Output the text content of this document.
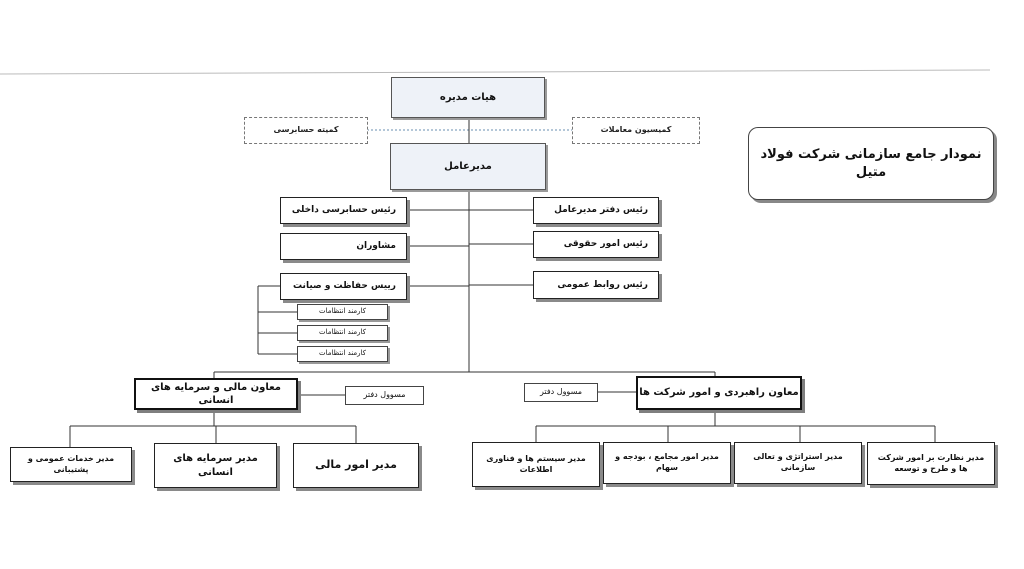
نمودار جامع سازمانی شرکت فولاد متیل
هیات مدیره
کمیته حسابرسی	کمیسیون معاملات
مدیرعامل
رئیس حسابرسی داخلی
مشاوران
رییس حفاظت و صیانت
رئیس دفتر مدیرعامل
رئیس امور حقوقی
رئیس روابط عمومی
کارمند انتظامات
کارمند انتظامات
کارمند انتظامات
معاون مالی و سرمایه های انسانی
مسوول دفتر	معاون راهبردی و امور شرکت ها
مسوول دفتر
مدیر خدمات عمومی و پشتیبانی
مدیر سرمایه های انسانی
مدیر امور مالی	مدیر سیستم ها و فناوری اطلاعات
مدیر امور مجامع ، بودجه و سهام
مدیر استراتژی و تعالی سازمانی
مدیر نظارت بر امور شرکت ها و طرح و توسعه
